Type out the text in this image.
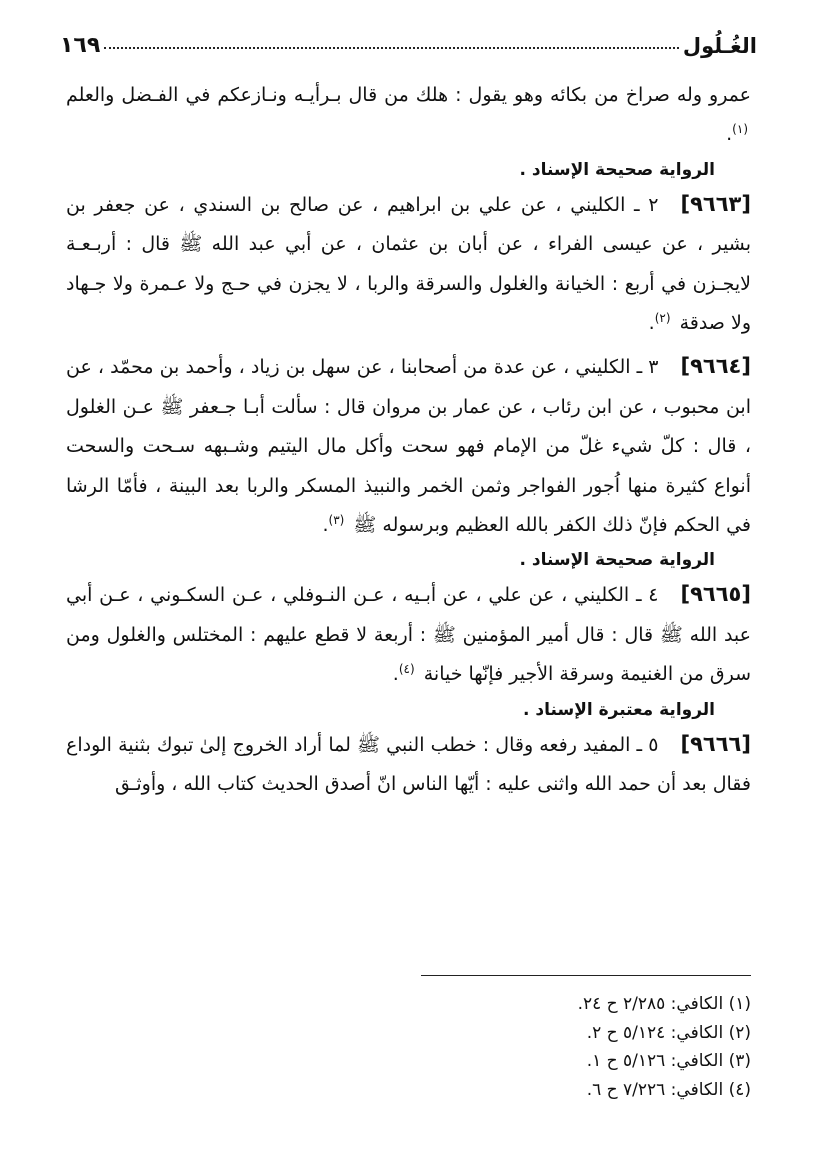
الغُـلُول
١٦٩

عمرو وله صراخ من بكائه وهو يقول : هلك من قال بـرأيـه ونـازعكم في الفـضل والعلم $^{(١)}$.

الرواية صحيحة الإسناد .

[٩٦٦٣]٢ ـ الكليني ، عن علي بن ابراهيم ، عن صالح بن السندي ، عن جعفر بن بشير ، عن عيسى الفراء ، عن أبان بن عثمان ، عن أبي عبد الله ﷺ قال : أربـعـة لايجـزن في أربع : الخيانة والغلول والسرقة والربا ، لا يجزن في حـج ولا عـمرة ولا جـهاد ولا صدقة $^{(٢)}$.

[٩٦٦٤]٣ ـ الكليني ، عن عدة من أصحابنا ، عن سهل بن زياد ، وأحمد بن محمّد ، عن ابن محبوب ، عن ابن رئاب ، عن عمار بن مروان قال : سألت أبـا جـعفر ﷺ عـن الغلول ، قال : كلّ شيء غلّ من الإمام فهو سحت وأكل مال اليتيم وشـبهه سـحت والسحت أنواع كثيرة منها اُجور الفواجر وثمن الخمر والنبيذ المسكر والربا بعد البينة ، فأمّا الرشا في الحكم فإنّ ذلك الكفر بالله العظيم وبرسوله ﷺ $^{(٣)}$.

الرواية صحيحة الإسناد .

[٩٦٦٥]٤ ـ الكليني ، عن علي ، عن أبـيه ، عـن النـوفلي ، عـن السكـوني ، عـن أبي عبد الله ﷺ قال : قال أمير المؤمنين ﷺ : أربعة لا قطع عليهم : المختلس والغلول ومن سرق من الغنيمة وسرقة الأجير فإنّها خيانة $^{(٤)}$.

الرواية معتبرة الإسناد .

[٩٦٦٦]٥ ـ المفيد رفعه وقال : خطب النبي ﷺ لما أراد الخروج إلىٰ تبوك بثنية الوداع فقال بعد أن حمد الله واثنى عليه : أيّها الناس انّ أصدق الحديث كتاب الله ، وأوثـق

(١) الكافي: ٢/٢٨٥ ح ٢٤.
(٢) الكافي: ٥/١٢٤ ح ٢.
(٣) الكافي: ٥/١٢٦ ح ١.
(٤) الكافي: ٧/٢٢٦ ح ٦.
